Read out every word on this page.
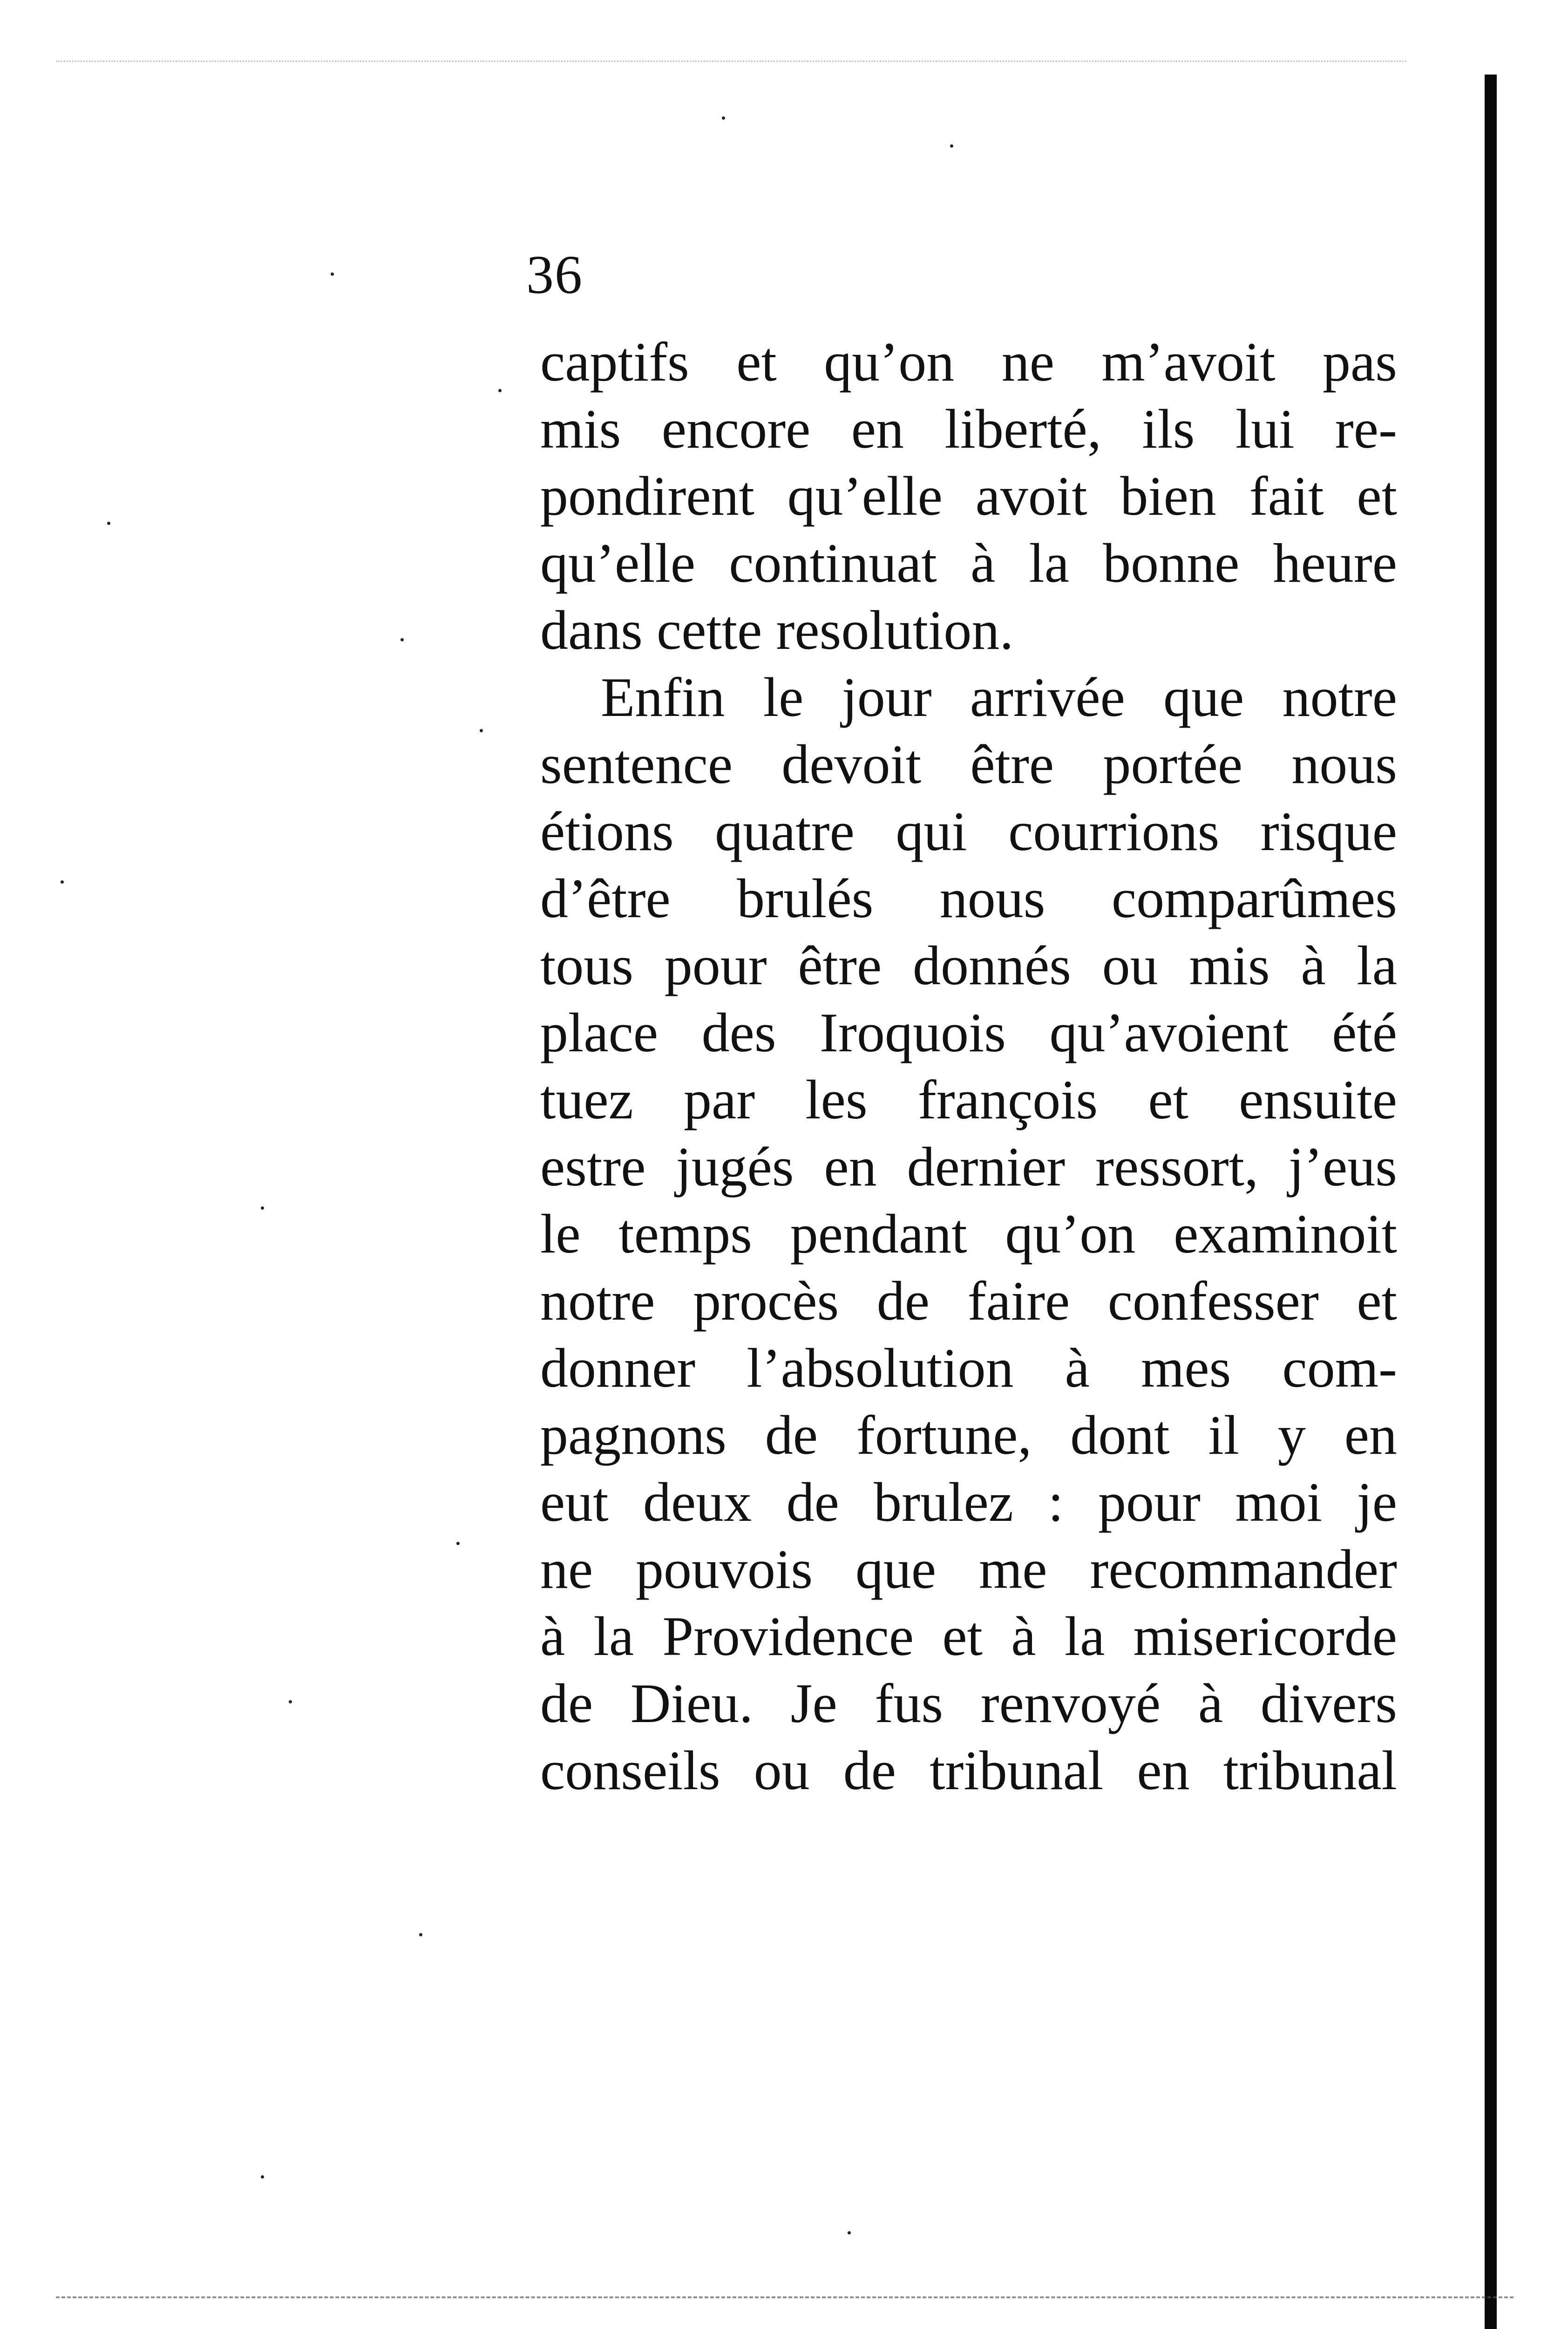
36
captifs et qu’on ne m’avoit pas
mis encore en liberté, ils lui re-
pondirent qu’elle avoit bien fait et
qu’elle continuat à la bonne heure
dans cette resolution.
Enfin le jour arrivée que notre
sentence devoit être portée nous
étions quatre qui courrions risque
d’être brulés nous comparûmes
tous pour être donnés ou mis à la
place des Iroquois qu’avoient été
tuez par les françois et ensuite
estre jugés en dernier ressort, j’eus
le temps pendant qu’on examinoit
notre procès de faire confesser et
donner l’absolution à mes com-
pagnons de fortune, dont il y en
eut deux de brulez : pour moi je
ne pouvois que me recommander
à la Providence et à la misericorde
de Dieu. Je fus renvoyé à divers
conseils ou de tribunal en tribunal
